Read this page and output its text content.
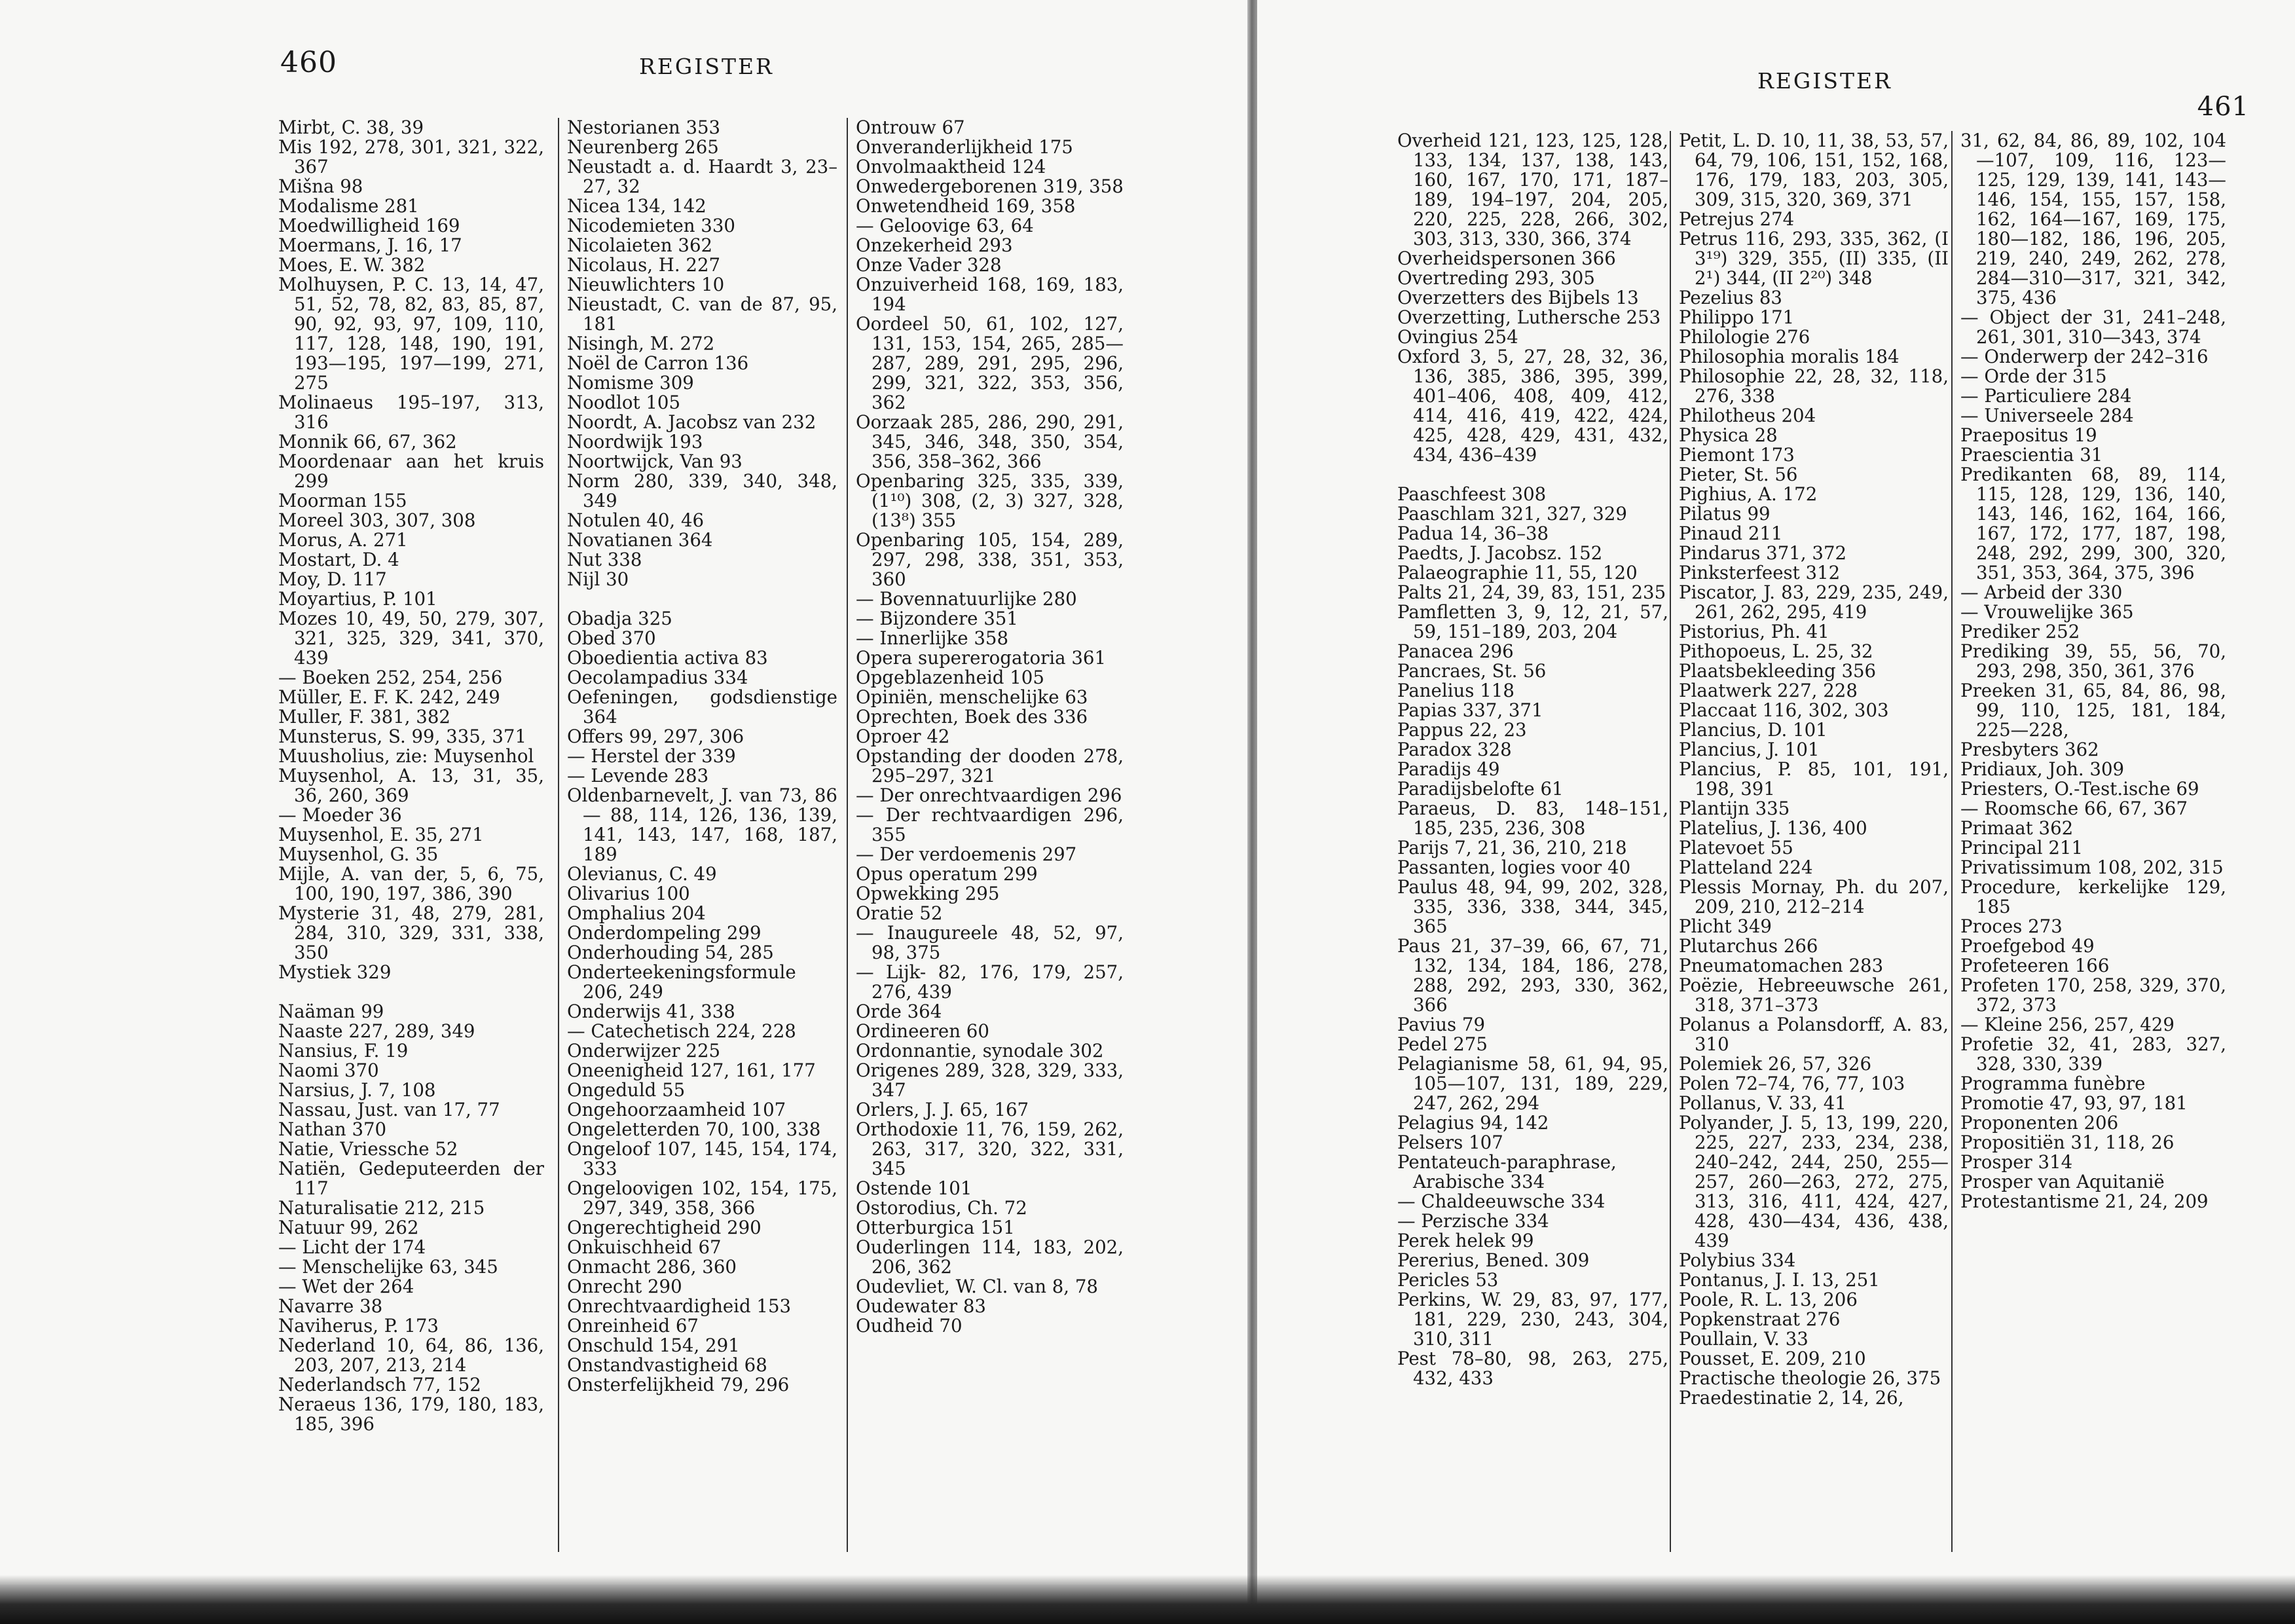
460	REGISTER
Mirbt, C. 38, 39
Mis 192, 278, 301, 321, 322, 367
Mišna 98
Modalisme 281
Moedwilligheid 169
Moermans, J. 16, 17
Moes, E. W. 382
Molhuysen, P. C. 13, 14, 47, 51, 52, 78, 82, 83, 85, 87, 90, 92, 93, 97, 109, 110, 117, 128, 148, 190, 191, 193—195, 197—199, 271, 275
Molinaeus 195–197, 313, 316
Monnik 66, 67, 362
Moordenaar aan het kruis 299
Moorman 155
Moreel 303, 307, 308
Morus, A. 271
Mostart, D. 4
Moy, D. 117
Moyartius, P. 101
Mozes 10, 49, 50, 279, 307, 321, 325, 329, 341, 370, 439
— Boeken 252, 254, 256
Müller, E. F. K. 242, 249
Muller, F. 381, 382
Munsterus, S. 99, 335, 371
Muusholius, zie: Muysenhol
Muysenhol, A. 13, 31, 35, 36, 260, 369
— Moeder 36
Muysenhol, E. 35, 271
Muysenhol, G. 35
Mijle, A. van der, 5, 6, 75, 100, 190, 197, 386, 390
Mysterie 31, 48, 279, 281, 284, 310, 329, 331, 338, 350
Mystiek 329
Naäman 99
Naaste 227, 289, 349
Nansius, F. 19
Naomi 370
Narsius, J. 7, 108
Nassau, Just. van 17, 77
Nathan 370
Natie, Vriessche 52
Natiën, Gedeputeerden der 117
Naturalisatie 212, 215
Natuur 99, 262
— Licht der 174
— Menschelijke 63, 345
— Wet der 264
Navarre 38
Naviherus, P. 173
Nederland 10, 64, 86, 136, 203, 207, 213, 214
Nederlandsch 77, 152
Neraeus 136, 179, 180, 183, 185, 396
Nestorianen 353
Neurenberg 265
Neustadt a. d. Haardt 3, 23–27, 32
Nicea 134, 142
Nicodemieten 330
Nicolaieten 362
Nicolaus, H. 227
Nieuwlichters 10
Nieustadt, C. van de 87, 95, 181
Nisingh, M. 272
Noël de Carron 136
Nomisme 309
Noodlot 105
Noordt, A. Jacobsz van 232
Noordwijk 193
Noortwijck, Van 93
Norm 280, 339, 340, 348, 349
Notulen 40, 46
Novatianen 364
Nut 338
Nijl 30
Obadja 325
Obed 370
Oboedientia activa 83
Oecolampadius 334
Oefeningen, godsdienstige 364
Offers 99, 297, 306
— Herstel der 339
— Levende 283
Oldenbarnevelt, J. van 73, 86— 88, 114, 126, 136, 139, 141, 143, 147, 168, 187, 189
Olevianus, C. 49
Olivarius 100
Omphalius 204
Onderdompeling 299
Onderhouding 54, 285
Onderteekeningsformule 206, 249
Onderwijs 41, 338
— Catechetisch 224, 228
Onderwijzer 225
Oneenigheid 127, 161, 177
Ongeduld 55
Ongehoorzaamheid 107
Ongeletterden 70, 100, 338
Ongeloof 107, 145, 154, 174, 333
Ongeloovigen 102, 154, 175, 297, 349, 358, 366
Ongerechtigheid 290
Onkuischheid 67
Onmacht 286, 360
Onrecht 290
Onrechtvaardigheid 153
Onreinheid 67
Onschuld 154, 291
Onstandvastigheid 68
Onsterfelijkheid 79, 296
Ontrouw 67
Onveranderlijkheid 175
Onvolmaaktheid 124
Onwedergeborenen 319, 358
Onwetendheid 169, 358
— Geloovige 63, 64
Onzekerheid 293
Onze Vader 328
Onzuiverheid 168, 169, 183, 194
Oordeel 50, 61, 102, 127, 131, 153, 154, 265, 285—287, 289, 291, 295, 296, 299, 321, 322, 353, 356, 362
Oorzaak 285, 286, 290, 291, 345, 346, 348, 350, 354, 356, 358–362, 366
Openbaring 325, 335, 339, (1¹⁰) 308, (2, 3) 327, 328, (13⁸) 355
Openbaring 105, 154, 289, 297, 298, 338, 351, 353, 360
— Bovennatuurlijke 280
— Bijzondere 351
— Innerlijke 358
Opera supererogatoria 361
Opgeblazenheid 105
Opiniën, menschelijke 63
Oprechten, Boek des 336
Oproer 42
Opstanding der dooden 278, 295–297, 321
— Der onrechtvaardigen 296
— Der rechtvaardigen 296, 355
— Der verdoemenis 297
Opus operatum 299
Opwekking 295
Oratie 52
— Inaugureele 48, 52, 97, 98, 375
— Lijk- 82, 176, 179, 257, 276, 439
Orde 364
Ordineeren 60
Ordonnantie, synodale 302
Origenes 289, 328, 329, 333, 347
Orlers, J. J. 65, 167
Orthodoxie 11, 76, 159, 262, 263, 317, 320, 322, 331, 345
Ostende 101
Ostorodius, Ch. 72
Otterburgica 151
Ouderlingen 114, 183, 202, 206, 362
Oudevliet, W. Cl. van 8, 78
Oudewater 83
Oudheid 70
461
REGISTER
Overheid 121, 123, 125, 128, 133, 134, 137, 138, 143, 160, 167, 170, 171, 187–189, 194–197, 204, 205, 220, 225, 228, 266, 302, 303, 313, 330, 366, 374
Overheidspersonen 366
Overtreding 293, 305
Overzetters des Bijbels 13
Overzetting, Luthersche 253
Ovingius 254
Oxford 3, 5, 27, 28, 32, 36, 136, 385, 386, 395, 399, 401–406, 408, 409, 412, 414, 416, 419, 422, 424, 425, 428, 429, 431, 432, 434, 436–439
Paaschfeest 308
Paaschlam 321, 327, 329
Padua 14, 36–38
Paedts, J. Jacobsz. 152
Palaeographie 11, 55, 120
Palts 21, 24, 39, 83, 151, 235
Pamfletten 3, 9, 12, 21, 57, 59, 151–189, 203, 204
Panacea 296
Pancraes, St. 56
Panelius 118
Papias 337, 371
Pappus 22, 23
Paradox 328
Paradijs 49
Paradijsbelofte 61
Paraeus, D. 83, 148–151, 185, 235, 236, 308
Parijs 7, 21, 36, 210, 218
Passanten, logies voor 40
Paulus 48, 94, 99, 202, 328, 335, 336, 338, 344, 345, 365
Paus 21, 37–39, 66, 67, 71, 132, 134, 184, 186, 278, 288, 292, 293, 330, 362, 366
Pavius 79
Pedel 275
Pelagianisme 58, 61, 94, 95, 105—107, 131, 189, 229, 247, 262, 294
Pelagius 94, 142
Pelsers 107
Pentateuch-paraphrase, Arabische 334
— Chaldeeuwsche 334
— Perzische 334
Perek helek 99
Pererius, Bened. 309
Pericles 53
Perkins, W. 29, 83, 97, 177, 181, 229, 230, 243, 304, 310, 311
Pest 78–80, 98, 263, 275, 432, 433
Petit, L. D. 10, 11, 38, 53, 57, 64, 79, 106, 151, 152, 168, 176, 179, 183, 203, 305, 309, 315, 320, 369, 371
Petrejus 274
Petrus 116, 293, 335, 362, (I 3¹⁹) 329, 355, (II) 335, (II 2¹) 344, (II 2²⁰) 348
Pezelius 83
Philippo 171
Philologie 276
Philosophia moralis 184
Philosophie 22, 28, 32, 118, 276, 338
Philotheus 204
Physica 28
Piemont 173
Pieter, St. 56
Pighius, A. 172
Pilatus 99
Pinaud 211
Pindarus 371, 372
Pinksterfeest 312
Piscator, J. 83, 229, 235, 249, 261, 262, 295, 419
Pistorius, Ph. 41
Pithopoeus, L. 25, 32
Plaatsbekleeding 356
Plaatwerk 227, 228
Placcaat 116, 302, 303
Plancius, D. 101
Plancius, J. 101
Plancius, P. 85, 101, 191, 198, 391
Plantijn 335
Platelius, J. 136, 400
Platevoet 55
Platteland 224
Plessis Mornay, Ph. du 207, 209, 210, 212–214
Plicht 349
Plutarchus 266
Pneumatomachen 283
Poëzie, Hebreeuwsche 261, 318, 371–373
Polanus a Polansdorff, A. 83, 310
Polemiek 26, 57, 326
Polen 72–74, 76, 77, 103
Pollanus, V. 33, 41
Polyander, J. 5, 13, 199, 220, 225, 227, 233, 234, 238, 240–242, 244, 250, 255—257, 260—263, 272, 275, 313, 316, 411, 424, 427, 428, 430—434, 436, 438, 439
Polybius 334
Pontanus, J. I. 13, 251
Poole, R. L. 13, 206
Popkenstraat 276
Poullain, V. 33
Pousset, E. 209, 210
Practische theologie 26, 375
Praedestinatie 2, 14, 26,
31, 62, 84, 86, 89, 102, 104—107, 109, 116, 123— 125, 129, 139, 141, 143—146, 154, 155, 157, 158, 162, 164—167, 169, 175, 180—182, 186, 196, 205, 219, 240, 249, 262, 278, 284—310—317, 321, 342, 375, 436
— Object der 31, 241–248, 261, 301, 310—343, 374
— Onderwerp der 242–316
— Orde der 315
— Particuliere 284
— Universeele 284
Praepositus 19
Praescientia 31
Predikanten 68, 89, 114, 115, 128, 129, 136, 140, 143, 146, 162, 164, 166, 167, 172, 177, 187, 198, 248, 292, 299, 300, 320, 351, 353, 364, 375, 396
— Arbeid der 330
— Vrouwelijke 365
Prediker 252
Prediking 39, 55, 56, 70, 293, 298, 350, 361, 376
Preeken 31, 65, 84, 86, 98, 99, 110, 125, 181, 184, 225—228,
Presbyters 362
Pridiaux, Joh. 309
Priesters, O.-Test.ische 69
— Roomsche 66, 67, 367
Primaat 362
Principal 211
Privatissimum 108, 202, 315
Procedure, kerkelijke 129, 185
Proces 273
Proefgebod 49
Profeteeren 166
Profeten 170, 258, 329, 370, 372, 373
— Kleine 256, 257, 429
Profetie 32, 41, 283, 327, 328, 330, 339
Programma funèbre
Promotie 47, 93, 97, 181
Proponenten 206
Propositiën 31, 118, 26
Prosper 314
Prosper van Aquitanië
Protestantisme 21, 24, 209
